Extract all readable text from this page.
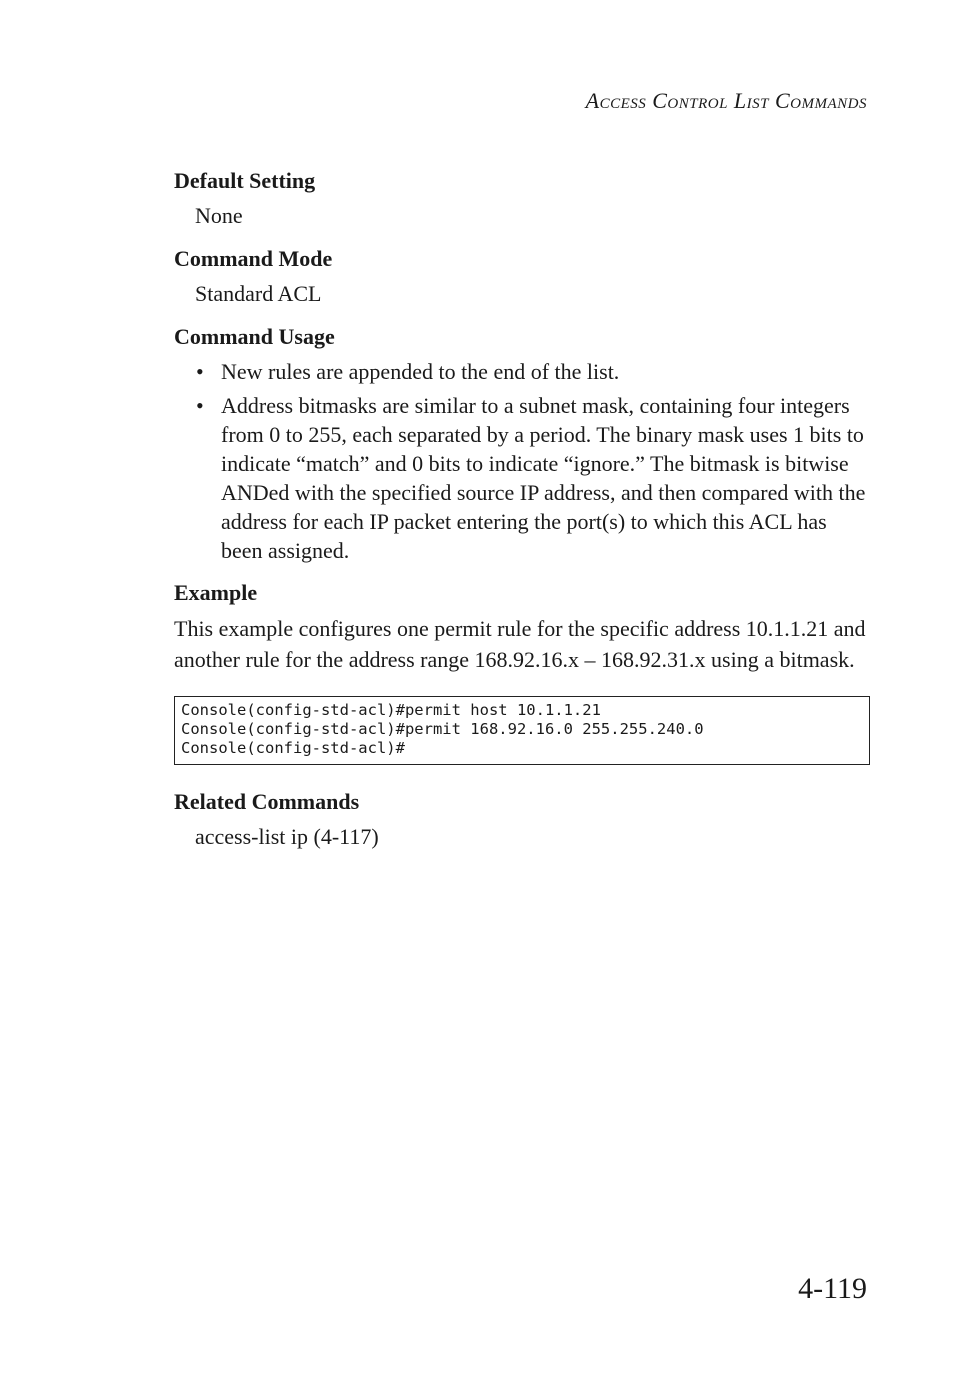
Access Control List Commands
Default Setting
None
Command Mode
Standard ACL
Command Usage
• New rules are appended to the end of the list.
• Address bitmasks are similar to a subnet mask, containing four integers from 0 to 255, each separated by a period. The binary mask uses 1 bits to indicate “match” and 0 bits to indicate “ignore.” The bitmask is bitwise ANDed with the specified source IP address, and then compared with the address for each IP packet entering the port(s) to which this ACL has been assigned.
Example

This example configures one permit rule for the specific address 10.1.1.21 and another rule for the address range 168.92.16.x – 168.92.31.x using a bitmask.

Console(config-std-acl)#permit host 10.1.1.21
Console(config-std-acl)#permit 168.92.16.0 255.255.240.0
Console(config-std-acl)#
Related Commands
access-list ip (4-117)
4-119
